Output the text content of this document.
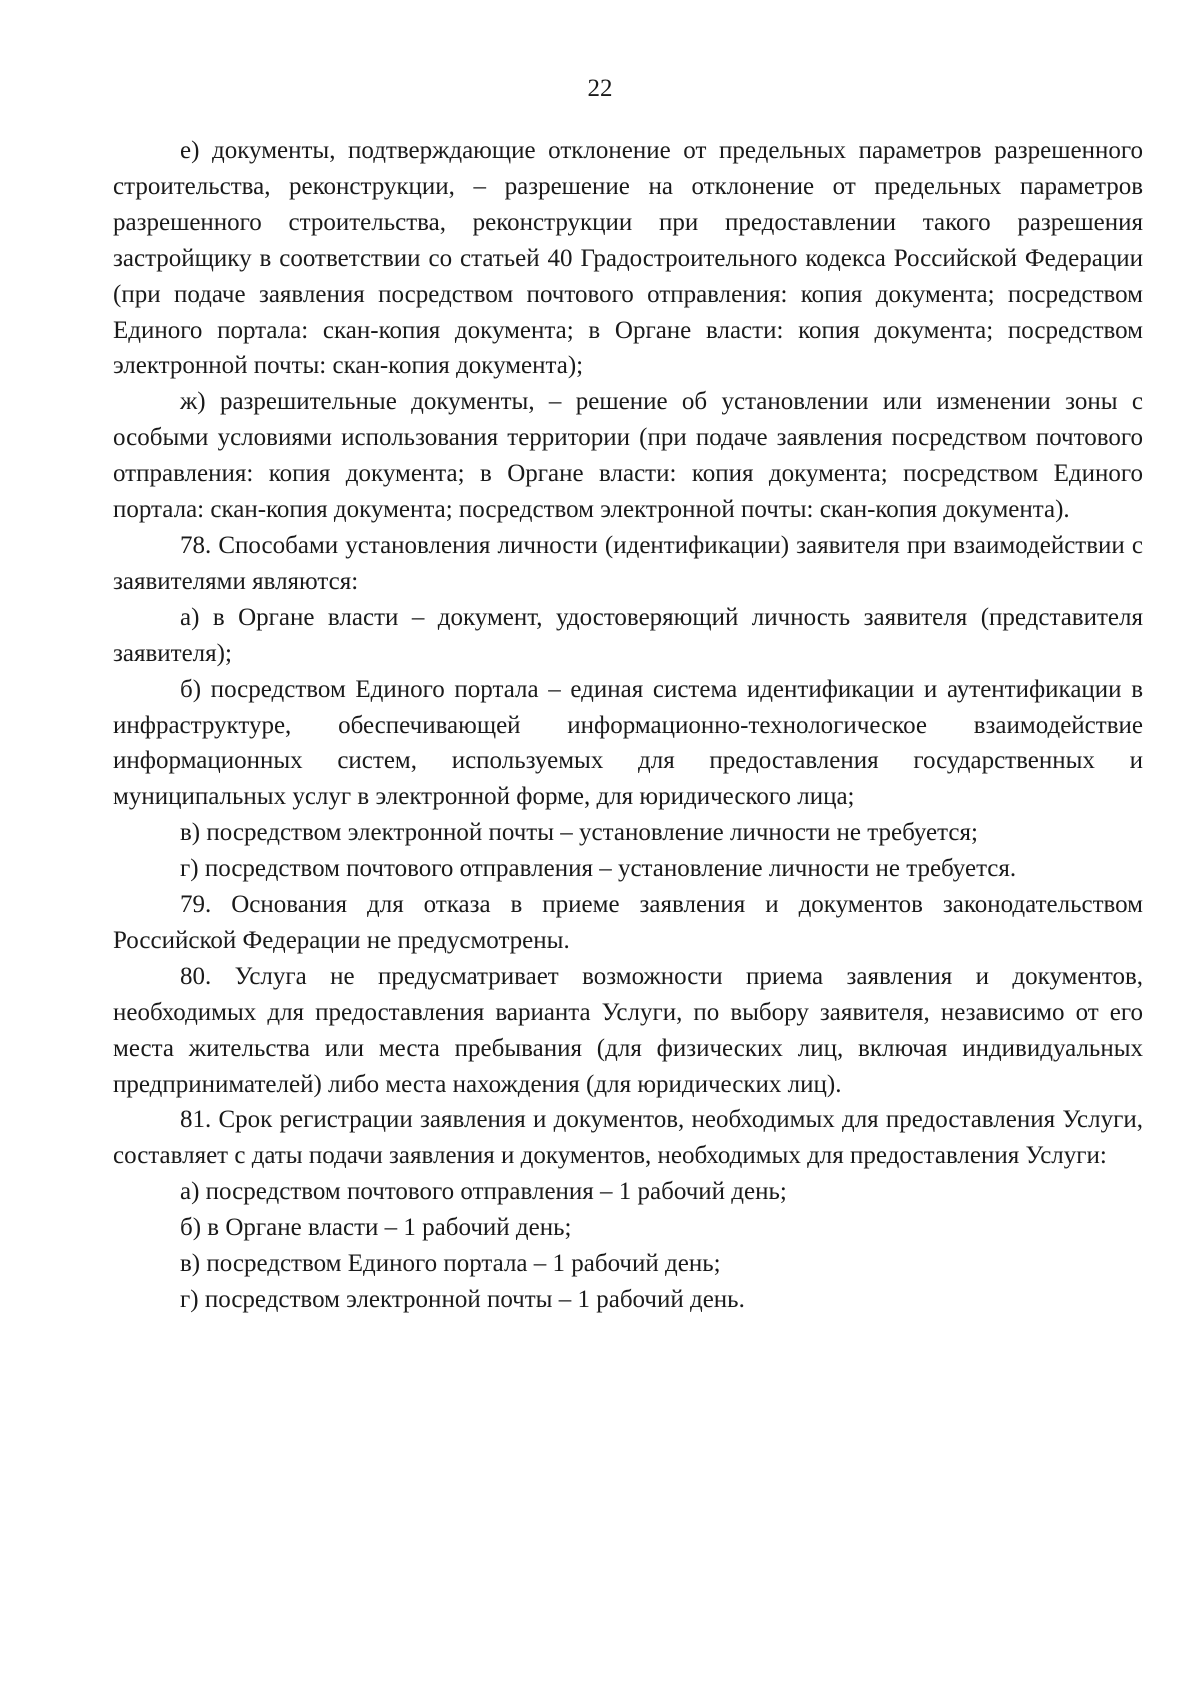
22

е) документы, подтверждающие отклонение от предельных параметров разрешенного строительства, реконструкции, – разрешение на отклонение от предельных параметров разрешенного строительства, реконструкции при предоставлении такого разрешения застройщику в соответствии со статьей 40 Градостроительного кодекса Российской Федерации (при подаче заявления посредством почтового отправления: копия документа; посредством Единого портала: скан-копия документа; в Органе власти: копия документа; посредством электронной почты: скан-копия документа);

ж) разрешительные документы, – решение об установлении или изменении зоны с особыми условиями использования территории (при подаче заявления посредством почтового отправления: копия документа; в Органе власти: копия документа; посредством Единого портала: скан-копия документа; посредством электронной почты: скан-копия документа).

78. Способами установления личности (идентификации) заявителя при взаимодействии с заявителями являются:

а) в Органе власти – документ, удостоверяющий личность заявителя (представителя заявителя);

б) посредством Единого портала – единая система идентификации и аутентификации в инфраструктуре, обеспечивающей информационно-технологическое взаимодействие информационных систем, используемых для предоставления государственных и муниципальных услуг в электронной форме, для юридического лица;

в) посредством электронной почты – установление личности не требуется;

г) посредством почтового отправления – установление личности не требуется.

79. Основания для отказа в приеме заявления и документов законодательством Российской Федерации не предусмотрены.

80. Услуга не предусматривает возможности приема заявления и документов, необходимых для предоставления варианта Услуги, по выбору заявителя, независимо от его места жительства или места пребывания (для физических лиц, включая индивидуальных предпринимателей) либо места нахождения (для юридических лиц).

81. Срок регистрации заявления и документов, необходимых для предоставления Услуги, составляет с даты подачи заявления и документов, необходимых для предоставления Услуги:

а) посредством почтового отправления – 1 рабочий день;

б) в Органе власти – 1 рабочий день;

в) посредством Единого портала – 1 рабочий день;

г) посредством электронной почты – 1 рабочий день.
